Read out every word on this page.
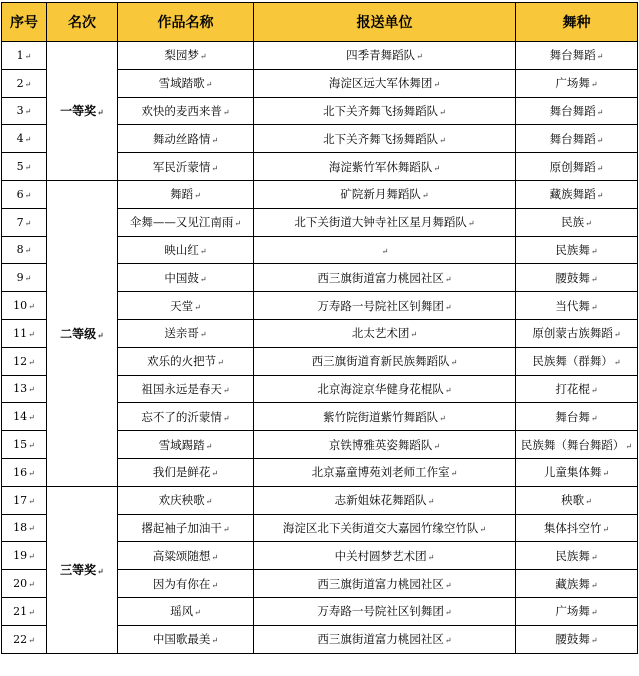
序号	名次	作品名称	报送单位	舞种
1↵	一等奖↵	梨园梦↵	四季青舞蹈队↵	舞台舞蹈↵
2↵		雪域踏歌↵	海淀区远大军休舞团↵	广场舞↵
3↵		欢快的麦西来普↵	北下关齐舞飞扬舞蹈队↵	舞台舞蹈↵
4↵		舞动丝路情↵	北下关齐舞飞扬舞蹈队↵	舞台舞蹈↵
5↵		军民沂蒙情↵	海淀紫竹军休舞蹈队↵	原创舞蹈↵
6↵	二等级↵	舞蹈↵	矿院新月舞蹈队↵	藏族舞蹈↵
7↵		伞舞——又见江南雨↵	北下关街道大钟寺社区星月舞蹈队↵	民族↵
8↵		映山红↵	↵	民族舞↵
9↵		中国鼓↵	西三旗街道富力桃园社区↵	腰鼓舞↵
10↵		天堂↵	万寿路一号院社区钊舞团↵	当代舞↵
11↵		送亲哥↵	北太艺术团↵	原创蒙古族舞蹈↵
12↵		欢乐的火把节↵	西三旗街道育新民族舞蹈队↵	民族舞（群舞）↵
13↵		祖国永远是春天↵	北京海淀京华健身花棍队↵	打花棍↵
14↵		忘不了的沂蒙情↵	紫竹院街道紫竹舞蹈队↵	舞台舞↵
15↵		雪域踢踏↵	京铁博雅英姿舞蹈队↵	民族舞（舞台舞蹈）↵
16↵		我们是鲜花↵	北京嘉童博苑刘老师工作室↵	儿童集体舞↵
17↵	三等奖↵	欢庆秧歌↵	志新姐妹花舞蹈队↵	秧歌↵
18↵		撂起袖子加油干↵	海淀区北下关街道交大嘉园竹缘空竹队↵	集体抖空竹↵
19↵		高粱颂随想↵	中关村圆梦艺术团↵	民族舞↵
20↵		因为有你在↵	西三旗街道富力桃园社区↵	藏族舞↵
21↵		瑶风↵	万寿路一号院社区钊舞团↵	广场舞↵
22↵		中国歌最美↵	西三旗街道富力桃园社区↵	腰鼓舞↵
